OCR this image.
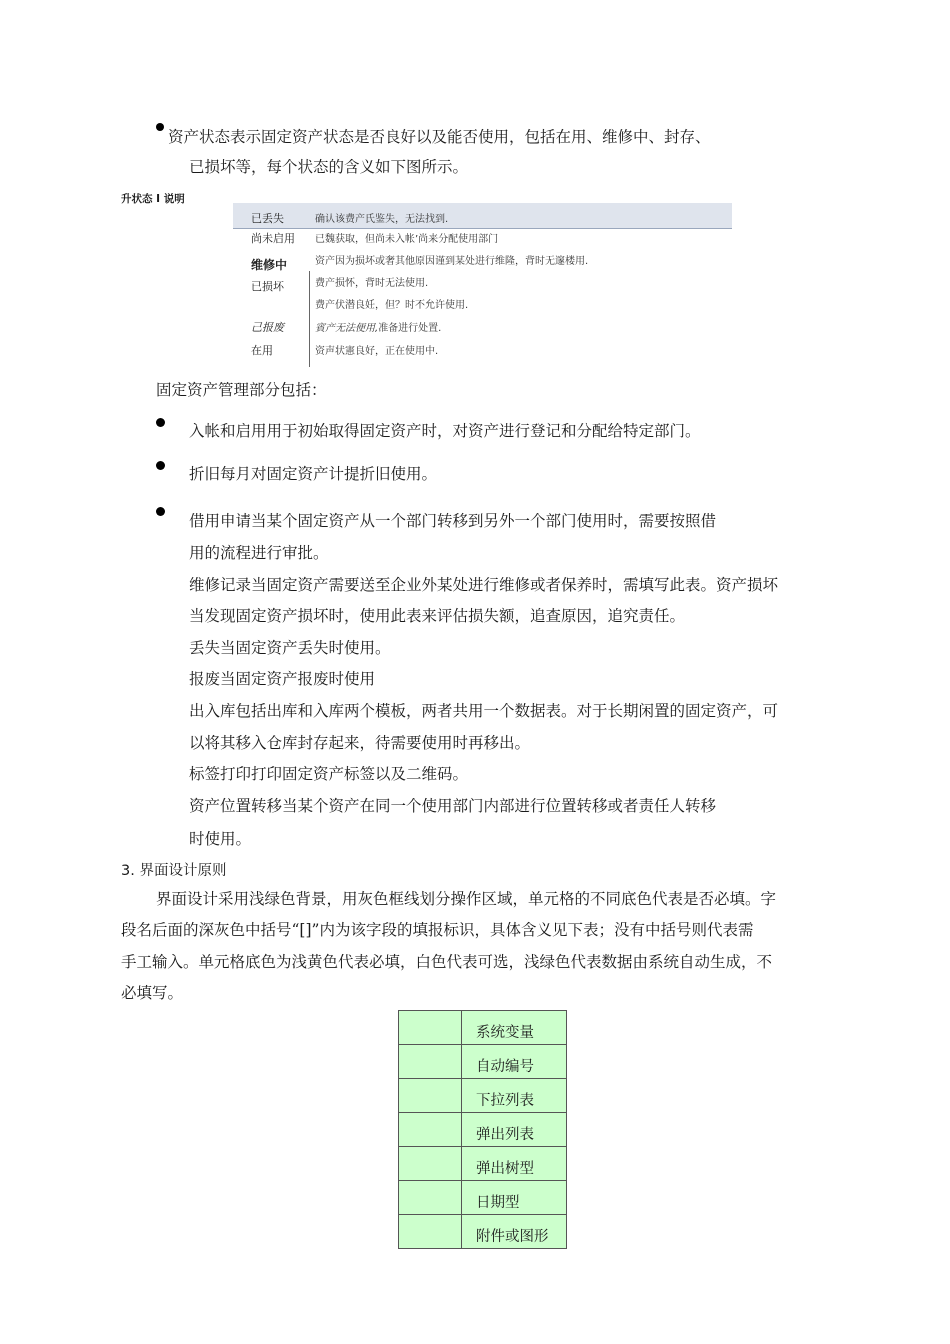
资产状态表示固定资产状态是否良好以及能否使用，包括在用、维修中、封存、
已损坏等，每个状态的含义如下图所示。
升状态 I 说明
已丢失	确认该费产氏鉴失，无法找到.
尚未启用 已魏获取，但尚未入帐’尚来分配使用部门
维修中	资产因为损坏或奢其他原因谨到某处进行维隆，背时无邃楼用.
已损坏	费产损怀，背时无法使用.
费产伏潜良妊，但？时不允许使用.
己报废	賓产无法便用,准备进行处置.
在用	资声状憲良好，正在使用中.
固定资产管理部分包括：
入帐和启用用于初始取得固定资产时，对资产进行登记和分配给特定部门。
折旧每月对固定资产计提折旧使用。
借用申请当某个固定资产从一个部门转移到另外一个部门使用时，需要按照借
用的流程进行审批。
维修记录当固定资产需要送至企业外某处进行维修或者保养时，需填写此表。资产损坏
当发现固定资产损坏时，使用此表来评估损失额，追查原因，追究责任。
丢失当固定资产丢失时使用。
报废当固定资产报废时使用
出入库包括出库和入库两个模板，两者共用一个数据表。对于长期闲置的固定资产，可
以将其移入仓库封存起来，待需要使用时再移出。
标签打印打印固定资产标签以及二维码。
资产位置转移当某个资产在同一个使用部门内部进行位置转移或者责任人转移
时使用。
3. 界面设计原则
界面设计采用浅绿色背景，用灰色框线划分操作区域，单元格的不同底色代表是否必填。字
段名后面的深灰色中括号“[]”内为该字段的填报标识，具体含义见下表；没有中括号则代表需
手工输入。单元格底色为浅黄色代表必填，白色代表可选，浅绿色代表数据由系统自动生成，不
必填写。
	系统变量
	自动编号
	下拉列表
	弹出列表
	弹出树型
	日期型
	附件或图形
